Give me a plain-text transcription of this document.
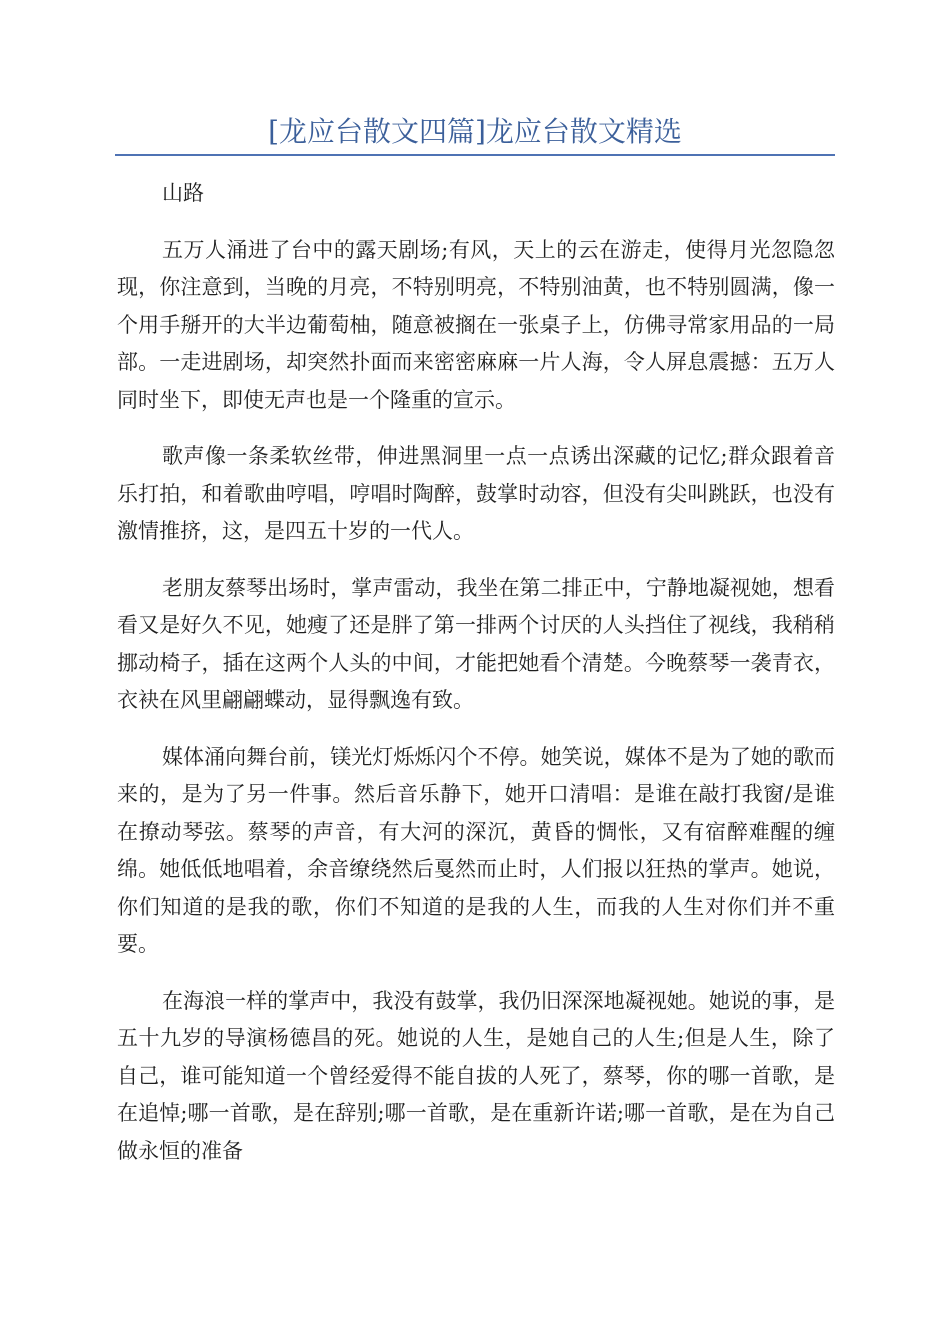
[龙应台散文四篇]龙应台散文精选

山路

五万人涌进了台中的露天剧场;有风，天上的云在游走，使得月光忽隐忽现，你注意到，当晚的月亮，不特别明亮，不特别油黄，也不特别圆满，像一个用手掰开的大半边葡萄柚，随意被搁在一张桌子上，仿佛寻常家用品的一局部。一走进剧场，却突然扑面而来密密麻麻一片人海，令人屏息震撼：五万人同时坐下，即使无声也是一个隆重的宣示。

歌声像一条柔软丝带，伸进黑洞里一点一点诱出深藏的记忆;群众跟着音乐打拍，和着歌曲哼唱，哼唱时陶醉，鼓掌时动容，但没有尖叫跳跃，也没有激情推挤，这，是四五十岁的一代人。

老朋友蔡琴出场时，掌声雷动，我坐在第二排正中，宁静地凝视她，想看看又是好久不见，她瘦了还是胖了第一排两个讨厌的人头挡住了视线，我稍稍挪动椅子，插在这两个人头的中间，才能把她看个清楚。今晚蔡琴一袭青衣，衣袂在风里翩翩蝶动，显得飘逸有致。

媒体涌向舞台前，镁光灯烁烁闪个不停。她笑说，媒体不是为了她的歌而来的，是为了另一件事。然后音乐静下，她开口清唱：是谁在敲打我窗/是谁在撩动琴弦。蔡琴的声音，有大河的深沉，黄昏的惆怅，又有宿醉难醒的缠绵。她低低地唱着，余音缭绕然后戛然而止时，人们报以狂热的掌声。她说，你们知道的是我的歌，你们不知道的是我的人生，而我的人生对你们并不重要。

在海浪一样的掌声中，我没有鼓掌，我仍旧深深地凝视她。她说的事，是五十九岁的导演杨德昌的死。她说的人生，是她自己的人生;但是人生，除了自己，谁可能知道一个曾经爱得不能自拔的人死了，蔡琴，你的哪一首歌，是在追悼;哪一首歌，是在辞别;哪一首歌，是在重新许诺;哪一首歌，是在为自己做永恒的准备
